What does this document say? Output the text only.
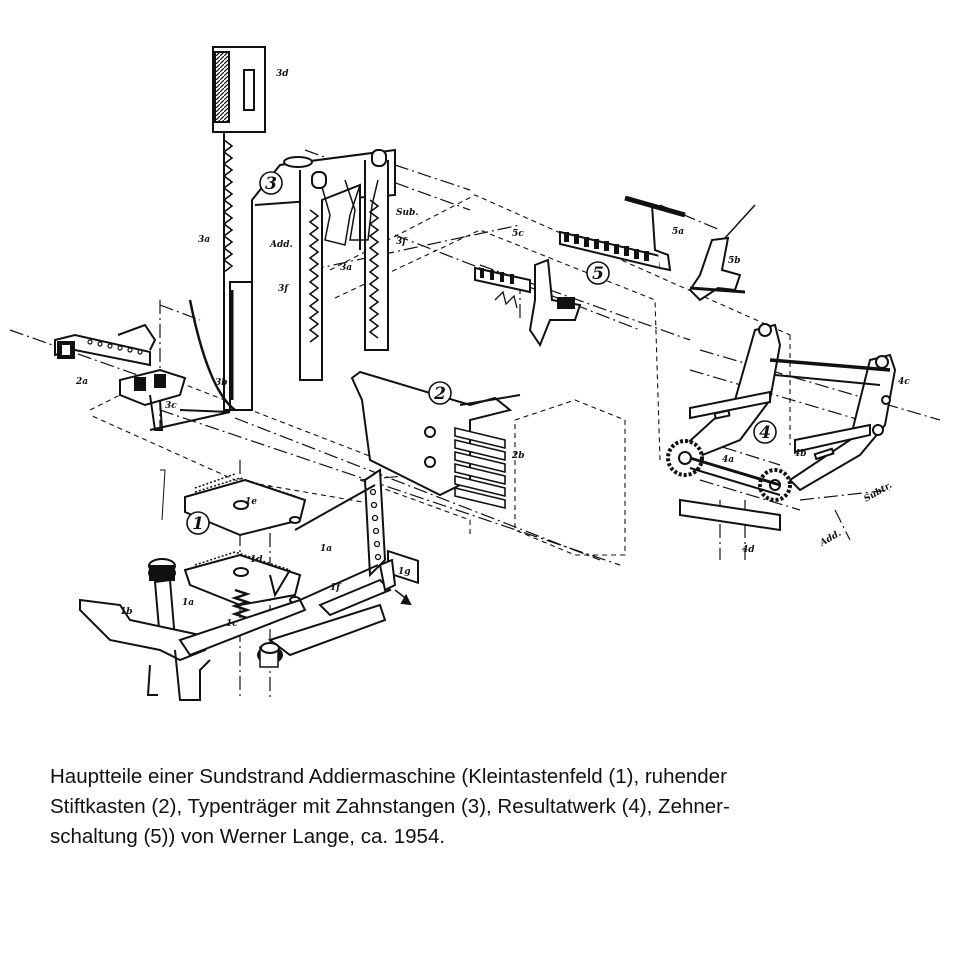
3d
3a	Add.
Sub.
3f
3f
3a
3b
3c
2a
2b
5c	5a
5b
4c
4a
4b
4d
1a
1b
1c
1d
1e
1f
1g
1a
Subtr.
Add.
1
2
3
4
5
Hauptteile einer Sundstrand Addiermaschine (Kleintastenfeld (1), ruhender
Stiftkasten (2), Typenträger mit Zahnstangen (3), Resultatwerk (4), Zehner-
schaltung (5)) von Werner Lange, ca. 1954.
